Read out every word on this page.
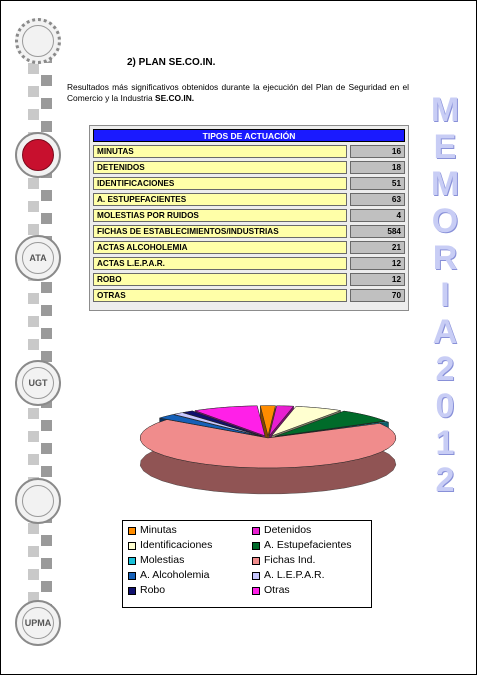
ATA
UGT
UPMA
M
E
M
O
R
I
A
2
0
1
2
2) PLAN SE.CO.IN.
Resultados más significativos obtenidos durante la ejecución del Plan de Seguridad en el Comercio y la Industria SE.CO.IN.
TIPOS DE ACTUACIÓN
MINUTAS	16
DETENIDOS	18
IDENTIFICACIONES	51
A. ESTUPEFACIENTES	63
MOLESTIAS POR RUIDOS	4
FICHAS DE ESTABLECIMIENTOS/INDUSTRIAS	584
ACTAS ALCOHOLEMIA	21
ACTAS L.E.P.A.R.	12
ROBO	12
OTRAS	70
Minutas	Detenidos
Identificaciones	A. Estupefacientes
Molestias	Fichas Ind.
A. Alcoholemia	A. L.E.P.A.R.
Robo	Otras
